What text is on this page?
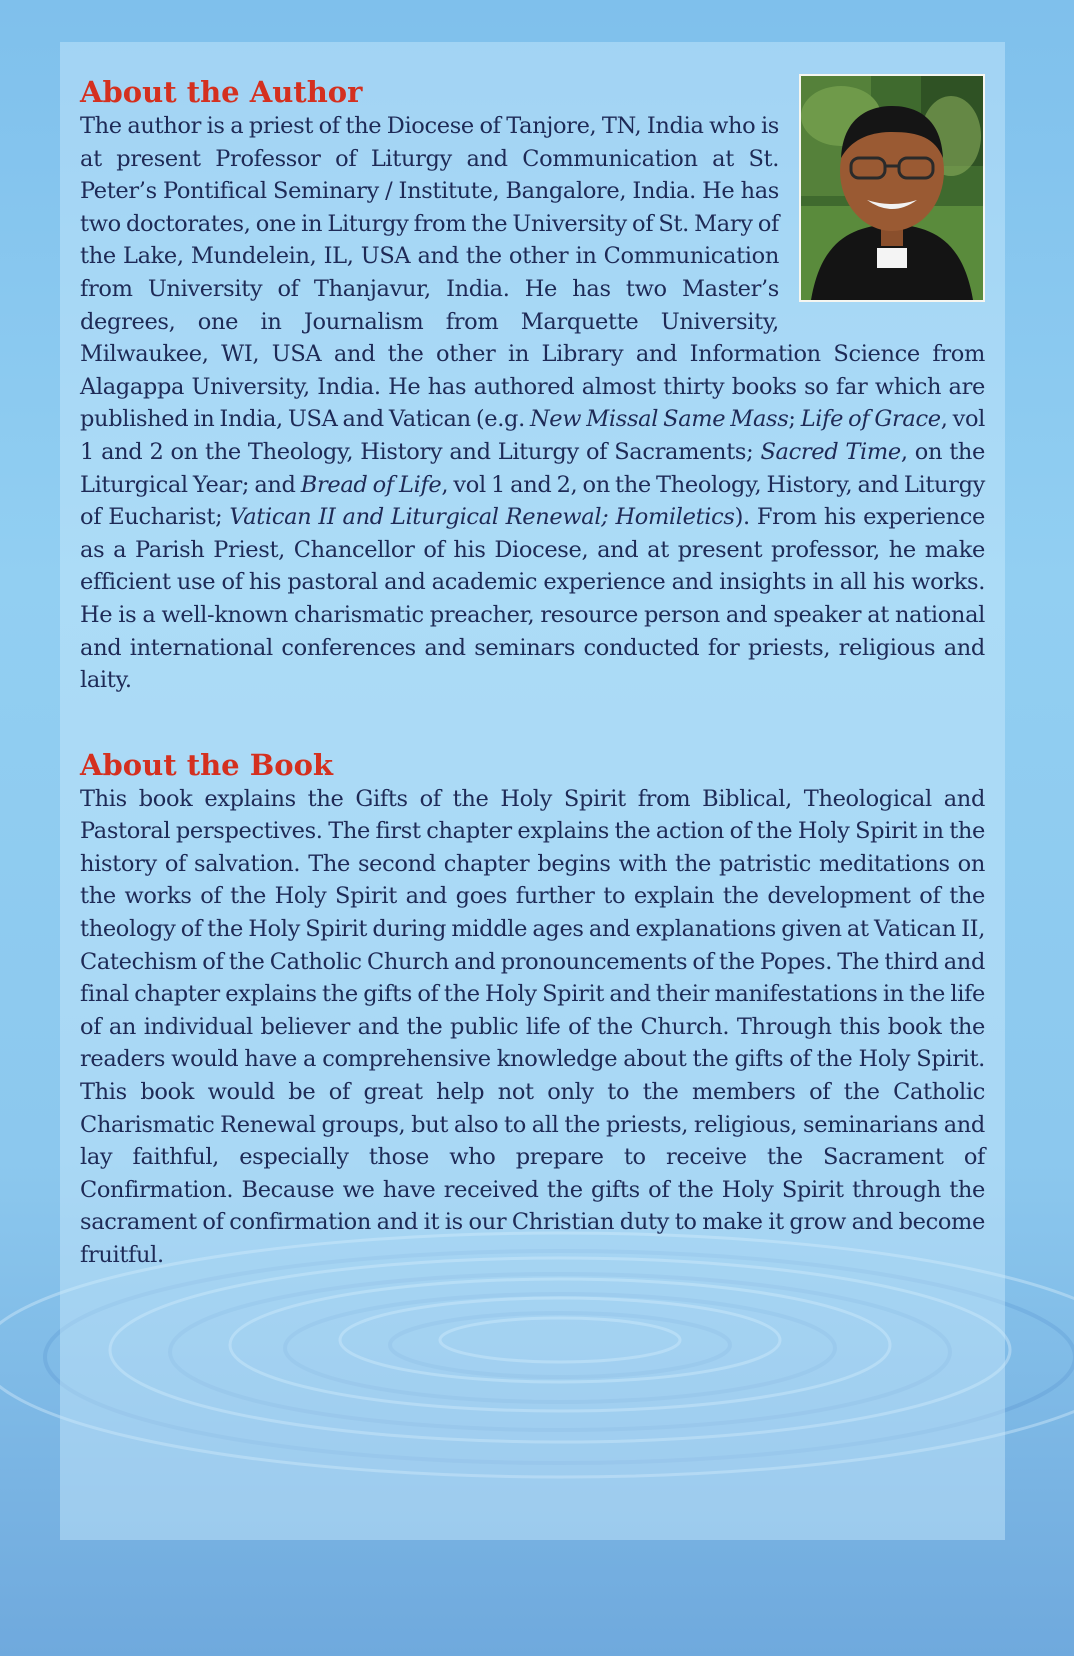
About the Author

The author is a priest of the Diocese of Tanjore, TN, India who is at present Professor of Liturgy and Communication at St. Peter’s Pontifical Seminary / Institute, Bangalore, India. He has two doctorates, one in Liturgy from the University of St. Mary of the Lake, Mundelein, IL, USA and the other in Communication from University of Thanjavur, India. He has two Master’s degrees, one in Journalism from Marquette University, Milwaukee, WI, USA and the other in Library and Information Science from Alagappa University, India. He has authored almost thirty books so far which are published in India, USA and Vatican (e.g. New Missal Same Mass; Life of Grace, vol 1 and 2 on the Theology, History and Liturgy of Sacraments; Sacred Time, on the Liturgical Year; and Bread of Life, vol 1 and 2, on the Theology, History, and Liturgy of Eucharist; Vatican II and Liturgical Renewal; Homiletics). From his experience as a Parish Priest, Chancellor of his Diocese, and at present professor, he make efficient use of his pastoral and academic experience and insights in all his works. He is a well-known charismatic preacher, resource person and speaker at national and international conferences and seminars conducted for priests, religious and laity.

About the Book

This book explains the Gifts of the Holy Spirit from Biblical, Theological and Pastoral perspectives. The first chapter explains the action of the Holy Spirit in the history of salvation. The second chapter begins with the patristic meditations on the works of the Holy Spirit and goes further to explain the development of the theology of the Holy Spirit during middle ages and explanations given at Vatican II, Catechism of the Catholic Church and pronouncements of the Popes. The third and final chapter explains the gifts of the Holy Spirit and their manifestations in the life of an individual believer and the public life of the Church. Through this book the readers would have a comprehensive knowledge about the gifts of the Holy Spirit. This book would be of great help not only to the members of the Catholic Charismatic Renewal groups, but also to all the priests, religious, seminarians and lay faithful, especially those who prepare to receive the Sacrament of Confirmation. Because we have received the gifts of the Holy Spirit through the sacrament of confirmation and it is our Christian duty to make it grow and become fruitful.
